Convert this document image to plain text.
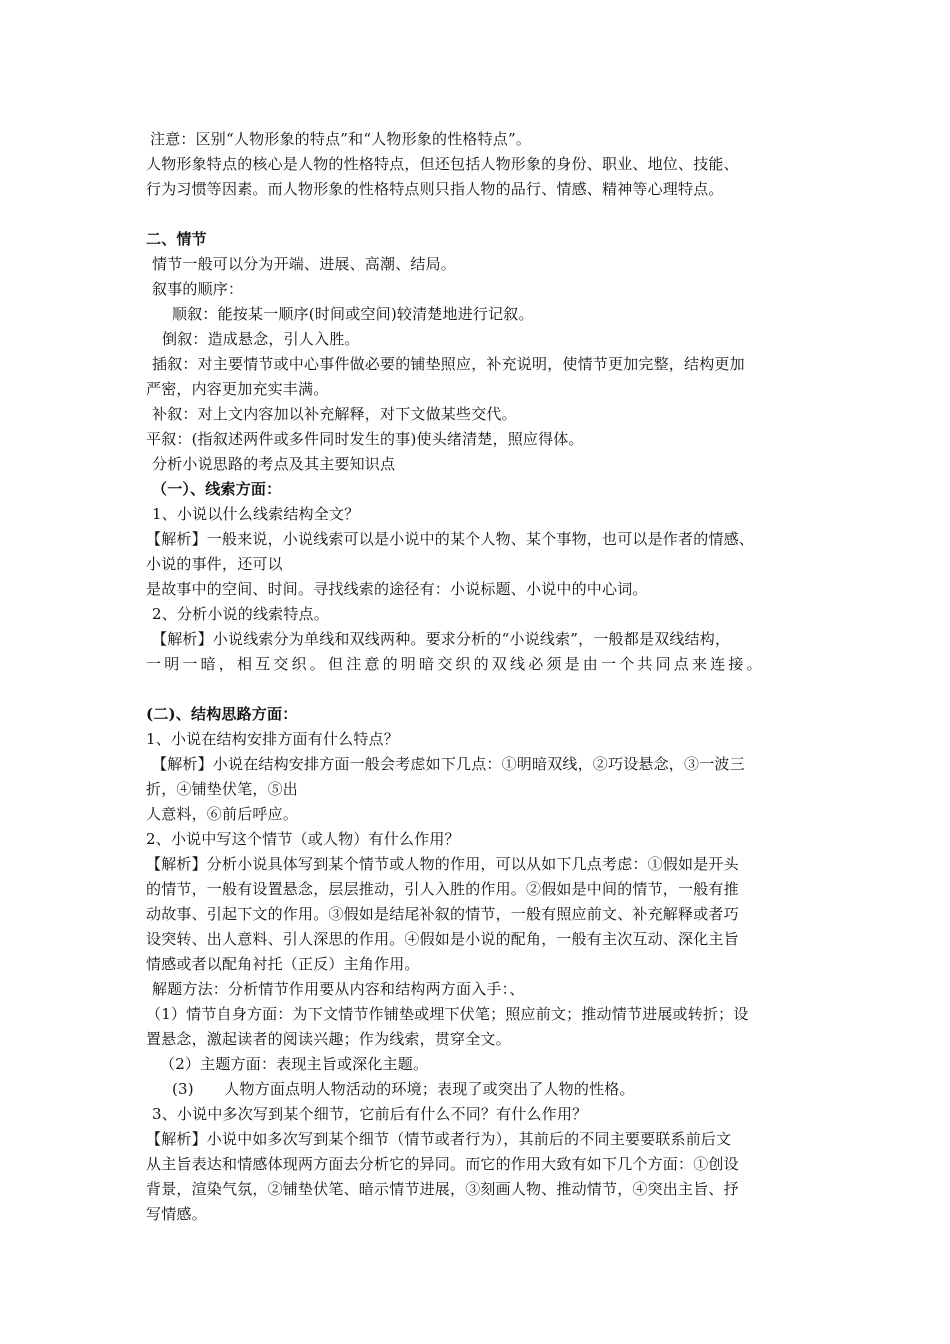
注意：区别“人物形象的特点”和“人物形象的性格特点”。
人物形象特点的核心是人物的性格特点，但还包括人物形象的身份、职业、地位、技能、
行为习惯等因素。而人物形象的性格特点则只指人物的品行、情感、精神等心理特点。
二、情节
情节一般可以分为开端、进展、高潮、结局。
叙事的顺序：
顺叙：能按某一顺序(时间或空间)较清楚地进行记叙。
倒叙：造成悬念，引人入胜。
插叙：对主要情节或中心事件做必要的铺垫照应，补充说明，使情节更加完整，结构更加
严密，内容更加充实丰满。
补叙：对上文内容加以补充解释，对下文做某些交代。
平叙：(指叙述两件或多件同时发生的事)使头绪清楚，照应得体。
分析小说思路的考点及其主要知识点
（一）、线索方面：
1、小说以什么线索结构全文？
【解析】一般来说，小说线索可以是小说中的某个人物、某个事物，也可以是作者的情感、
小说的事件，还可以
是故事中的空间、时间。寻找线索的途径有：小说标题、小说中的中心词。
2、分析小说的线索特点。
【解析】小说线索分为单线和双线两种。要求分析的“小说线索”，一般都是双线结构，
一明一暗，相互交织。但注意的明暗交织的双线必须是由一个共同点来连接。
(二)、结构思路方面：
1、小说在结构安排方面有什么特点？
【解析】小说在结构安排方面一般会考虑如下几点：①明暗双线，②巧设悬念，③一波三
折，④铺垫伏笔，⑤出
人意料，⑥前后呼应。
2、小说中写这个情节（或人物）有什么作用？
【解析】分析小说具体写到某个情节或人物的作用，可以从如下几点考虑：①假如是开头
的情节，一般有设置悬念，层层推动，引人入胜的作用。②假如是中间的情节，一般有推
动故事、引起下文的作用。③假如是结尾补叙的情节，一般有照应前文、补充解释或者巧
设突转、出人意料、引人深思的作用。④假如是小说的配角，一般有主次互动、深化主旨
情感或者以配角衬托（正反）主角作用。
解题方法：分析情节作用要从内容和结构两方面入手：、
（1）情节自身方面：为下文情节作铺垫或埋下伏笔；照应前文；推动情节进展或转折；设
置悬念，激起读者的阅读兴趣；作为线索，贯穿全文。
（2）主题方面：表现主旨或深化主题。
(3)　　人物方面点明人物活动的环境；表现了或突出了人物的性格。
3、小说中多次写到某个细节，它前后有什么不同？有什么作用？
【解析】小说中如多次写到某个细节（情节或者行为），其前后的不同主要要联系前后文
从主旨表达和情感体现两方面去分析它的异同。而它的作用大致有如下几个方面：①创设
背景，渲染气氛，②铺垫伏笔、暗示情节进展，③刻画人物、推动情节，④突出主旨、抒
写情感。
